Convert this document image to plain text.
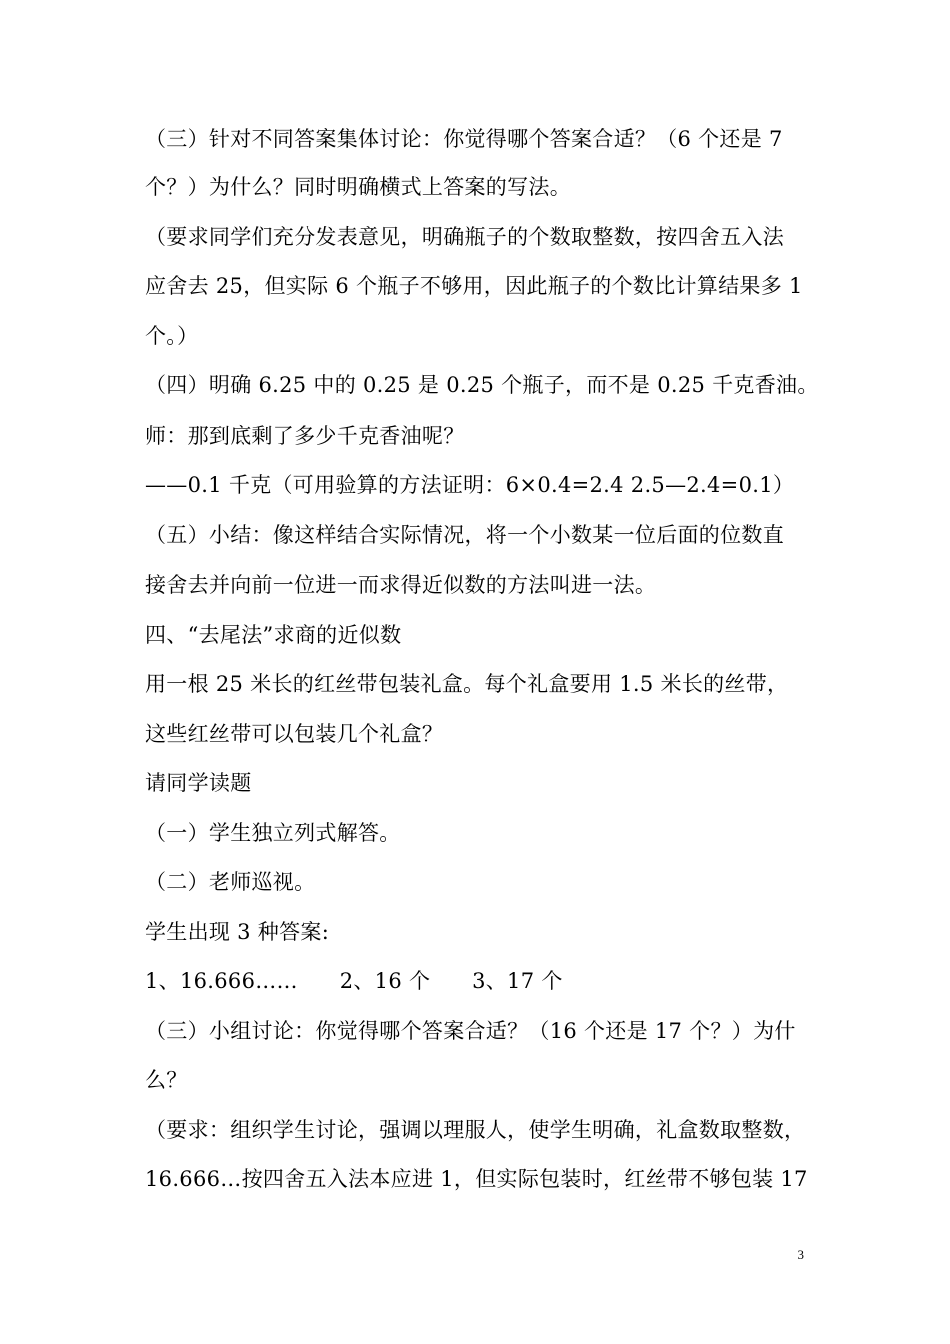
（三）针对不同答案集体讨论：你觉得哪个答案合适？（6 个还是 7
个？）为什么？同时明确横式上答案的写法。
（要求同学们充分发表意见，明确瓶子的个数取整数，按四舍五入法
应舍去 25，但实际 6 个瓶子不够用，因此瓶子的个数比计算结果多 1
个。）
（四）明确 6.25 中的 0.25 是 0.25 个瓶子，而不是 0.25 千克香油。
师：那到底剩了多少千克香油呢？
——0.1 千克（可用验算的方法证明：6×0.4=2.4 2.5—2.4=0.1）
（五）小结：像这样结合实际情况，将一个小数某一位后面的位数直
接舍去并向前一位进一而求得近似数的方法叫进一法。
四、“去尾法”求商的近似数
用一根 25 米长的红丝带包装礼盒。每个礼盒要用 1.5 米长的丝带，
这些红丝带可以包装几个礼盒？
请同学读题
（一）学生独立列式解答。
（二）老师巡视。
学生出现 3 种答案:
1、16.666……      2、16 个      3、17 个
（三）小组讨论：你觉得哪个答案合适？（16 个还是 17 个？）为什
么？
（要求：组织学生讨论，强调以理服人，使学生明确，礼盒数取整数，
16.666…按四舍五入法本应进 1，但实际包装时，红丝带不够包装 17
3
